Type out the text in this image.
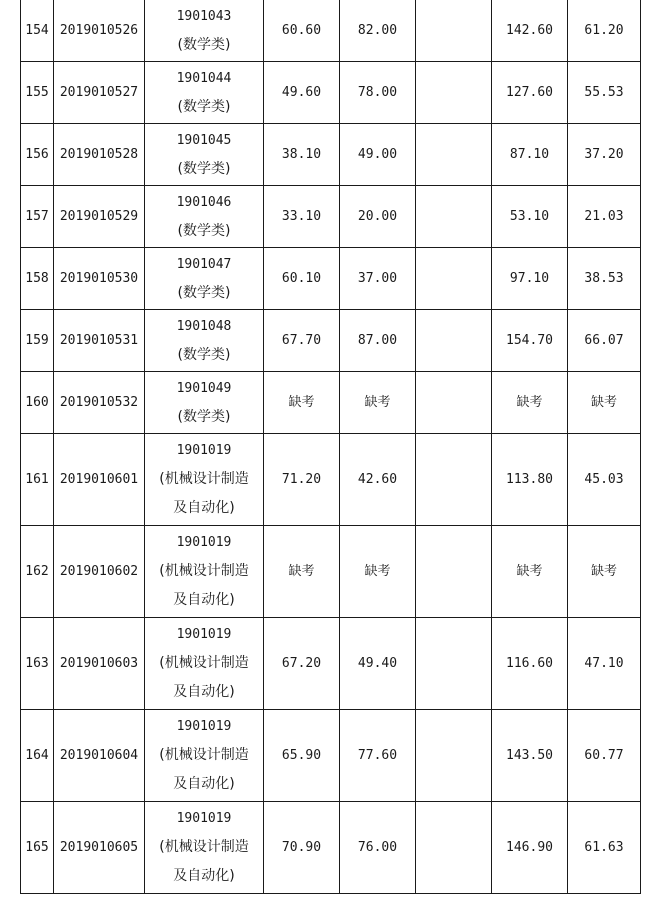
154	2019010526	1901043
(数学类)	60.60	82.00		142.60	61.20
155	2019010527	1901044
(数学类)	49.60	78.00		127.60	55.53
156	2019010528	1901045
(数学类)	38.10	49.00		87.10	37.20
157	2019010529	1901046
(数学类)	33.10	20.00		53.10	21.03
158	2019010530	1901047
(数学类)	60.10	37.00		97.10	38.53
159	2019010531	1901048
(数学类)	67.70	87.00		154.70	66.07
160	2019010532	1901049
(数学类)	缺考	缺考		缺考	缺考
161	2019010601	1901019
(机械设计制造
及自动化)	71.20	42.60		113.80	45.03
162	2019010602	1901019
(机械设计制造
及自动化)	缺考	缺考		缺考	缺考
163	2019010603	1901019
(机械设计制造
及自动化)	67.20	49.40		116.60	47.10
164	2019010604	1901019
(机械设计制造
及自动化)	65.90	77.60		143.50	60.77
165	2019010605	1901019
(机械设计制造
及自动化)	70.90	76.00		146.90	61.63
